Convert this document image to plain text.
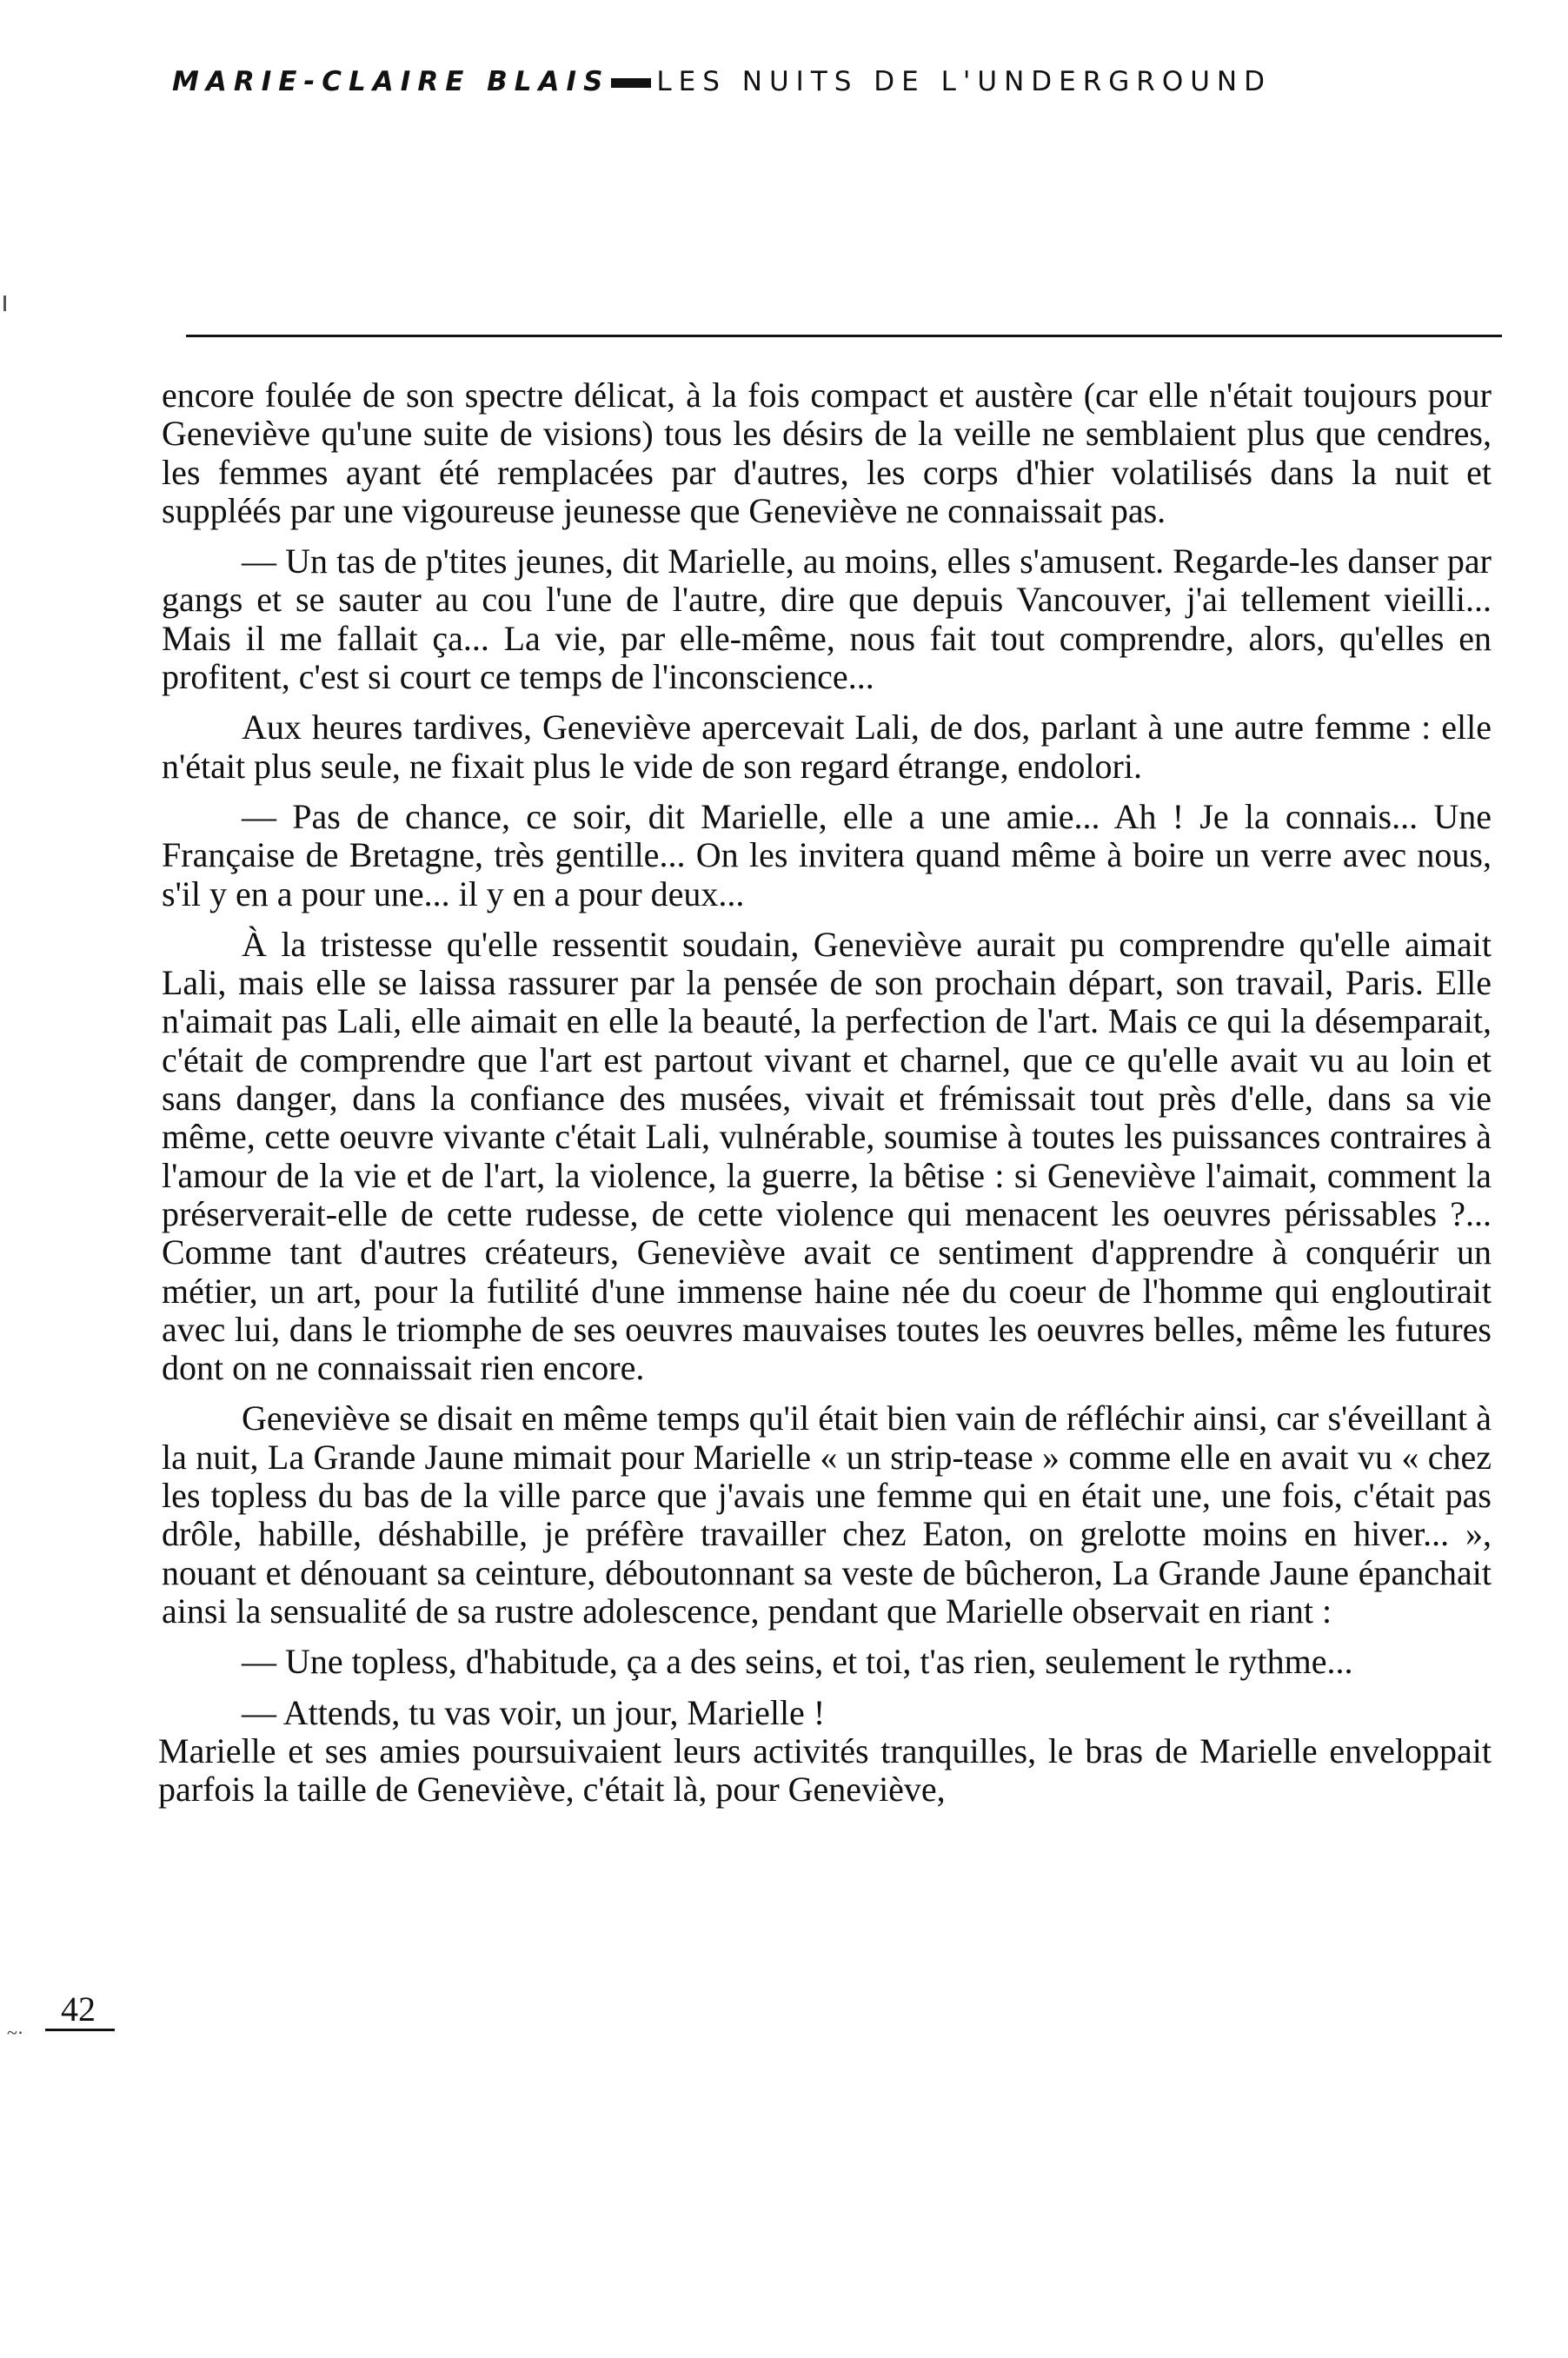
MARIE-CLAIRE BLAIS LES NUITS DE L'UNDERGROUND

encore foulée de son spectre délicat, à la fois compact et austère (car elle n'était toujours pour Geneviève qu'une suite de visions) tous les désirs de la veille ne semblaient plus que cendres, les femmes ayant été remplacées par d'autres, les corps d'hier volatilisés dans la nuit et suppléés par une vigoureuse jeunesse que Geneviève ne connaissait pas.

— Un tas de p'tites jeunes, dit Marielle, au moins, elles s'amusent. Regarde-les danser par gangs et se sauter au cou l'une de l'autre, dire que depuis Vancouver, j'ai tellement vieilli... Mais il me fallait ça... La vie, par elle-même, nous fait tout comprendre, alors, qu'elles en profitent, c'est si court ce temps de l'inconscience...

Aux heures tardives, Geneviève apercevait Lali, de dos, parlant à une autre femme : elle n'était plus seule, ne fixait plus le vide de son regard étrange, endolori.

— Pas de chance, ce soir, dit Marielle, elle a une amie... Ah ! Je la connais... Une Française de Bretagne, très gentille... On les invitera quand même à boire un verre avec nous, s'il y en a pour une... il y en a pour deux...

À la tristesse qu'elle ressentit soudain, Geneviève aurait pu comprendre qu'elle aimait Lali, mais elle se laissa rassurer par la pensée de son prochain départ, son travail, Paris. Elle n'aimait pas Lali, elle aimait en elle la beauté, la perfection de l'art. Mais ce qui la désemparait, c'était de comprendre que l'art est partout vivant et charnel, que ce qu'elle avait vu au loin et sans danger, dans la confiance des musées, vivait et frémissait tout près d'elle, dans sa vie même, cette oeuvre vivante c'était Lali, vulnérable, soumise à toutes les puissances contraires à l'amour de la vie et de l'art, la violence, la guerre, la bêtise : si Geneviève l'aimait, comment la préserverait-elle de cette rudesse, de cette violence qui menacent les oeuvres périssables ?... Comme tant d'autres créateurs, Geneviève avait ce sentiment d'apprendre à conquérir un métier, un art, pour la futilité d'une immense haine née du coeur de l'homme qui engloutirait avec lui, dans le triomphe de ses oeuvres mauvaises toutes les oeuvres belles, même les futures dont on ne connaissait rien encore.

Geneviève se disait en même temps qu'il était bien vain de réfléchir ainsi, car s'éveillant à la nuit, La Grande Jaune mimait pour Marielle « un strip-tease » comme elle en avait vu « chez les topless du bas de la ville parce que j'avais une femme qui en était une, une fois, c'était pas drôle, habille, déshabille, je préfère travailler chez Eaton, on grelotte moins en hiver... », nouant et dénouant sa ceinture, déboutonnant sa veste de bûcheron, La Grande Jaune épanchait ainsi la sensualité de sa rustre adolescence, pendant que Marielle observait en riant :

— Une topless, d'habitude, ça a des seins, et toi, t'as rien, seulement le rythme...

— Attends, tu vas voir, un jour, Marielle !

Marielle et ses amies poursuivaient leurs activités tranquilles, le bras de Marielle enveloppait parfois la taille de Geneviève, c'était là, pour Geneviève,

42
~·
